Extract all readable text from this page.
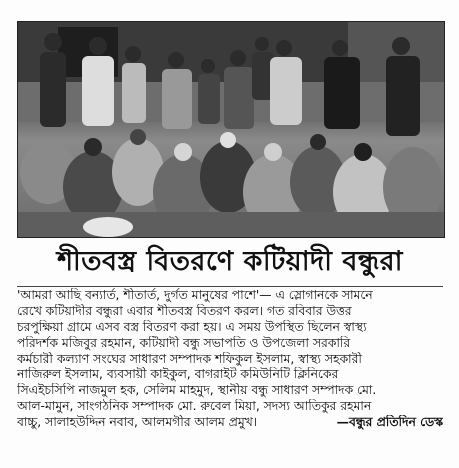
শীতবস্ত্র বিতরণে কটিয়াদী বন্ধুরা
'আমরা আছি বন্যার্ত, শীতার্ত, দুর্গত মানুষের পাশে'— এ স্লোগানকে সামনে
রেখে কটিয়াদীর বন্ধুরা এবার শীতবস্ত্র বিতরণ করল। গত রবিবার উত্তর
চরপুক্ষিয়া গ্রামে এসব বস্ত্র বিতরণ করা হয়। এ সময় উপস্থিত ছিলেন স্বাস্থ্য
পরিদর্শক মজিবুর রহমান, কটিয়াদী বন্ধু সভাপতি ও উপজেলা সরকারি
কর্মচারী কল্যাণ সংঘের সাধারণ সম্পাদক শফিকুল ইসলাম, স্বাস্থ্য সহকারী
নাজিরুল ইসলাম, ব্যবসায়ী কাইকুল, বাগরাইট কমিউনিটি ক্লিনিকের
সিএইচসিপি নাজমুল হক, সেলিম মাহমুদ, স্থানীয় বন্ধু সাধারণ সম্পাদক মো.
আল-মামুন, সাংগঠনিক সম্পাদক মো. রুবেল মিয়া, সদস্য আতিকুর রহমান
বাচ্চু, সালাহউদ্দিন নবাব, আলমগীর আলম প্রমুখ।	—বন্ধুর প্রতিদিন ডেস্ক
